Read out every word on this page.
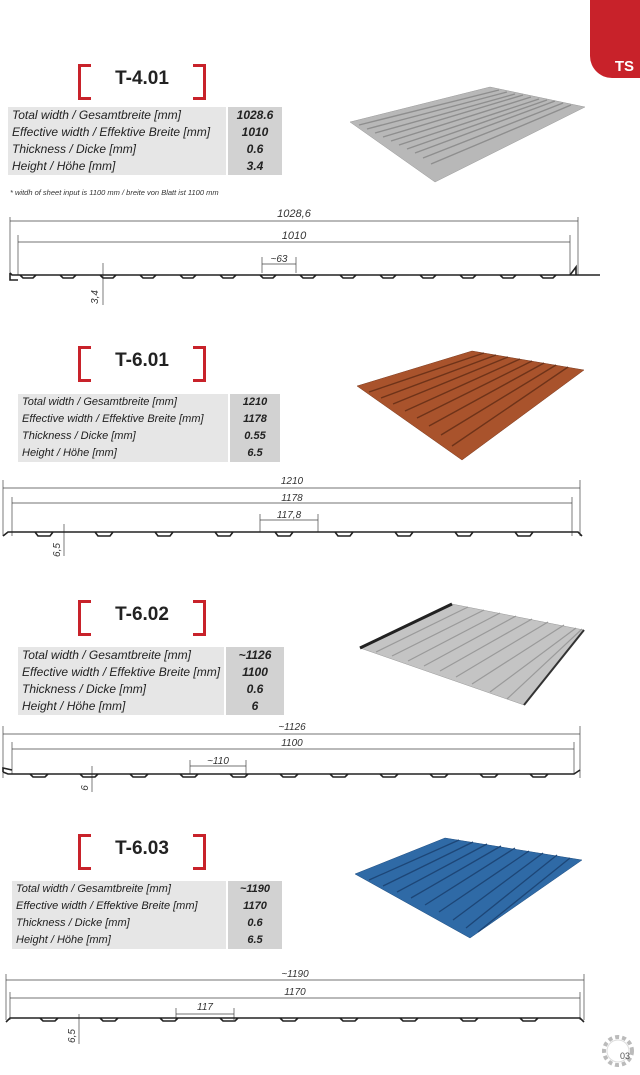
TS
T-4.01
Total width / Gesamtbreite [mm]	1028.6
Effective width / Effektive Breite [mm]	1010
Thickness / Dicke [mm]	0.6
Height / Höhe [mm]	3.4
* witdh of sheet input is 1100 mm / breite von Blatt ist 1100 mm
1028,6
1010
~63
3,4
T-6.01
Total width / Gesamtbreite [mm]	1210
Effective width / Effektive Breite [mm]	1178
Thickness / Dicke [mm]	0.55
Height / Höhe [mm]	6.5
1210
1178
117,8
6,5
T-6.02
Total width / Gesamtbreite [mm]	~1126
Effective width / Effektive Breite [mm]	1100
Thickness / Dicke [mm]	0.6
Height / Höhe [mm]	6
~1126
1100
~110
6
T-6.03
Total width / Gesamtbreite [mm]	~1190
Effective width / Effektive Breite [mm]	1170
Thickness / Dicke [mm]	0.6
Height / Höhe [mm]	6.5
~1190
1170
117
6,5
03
